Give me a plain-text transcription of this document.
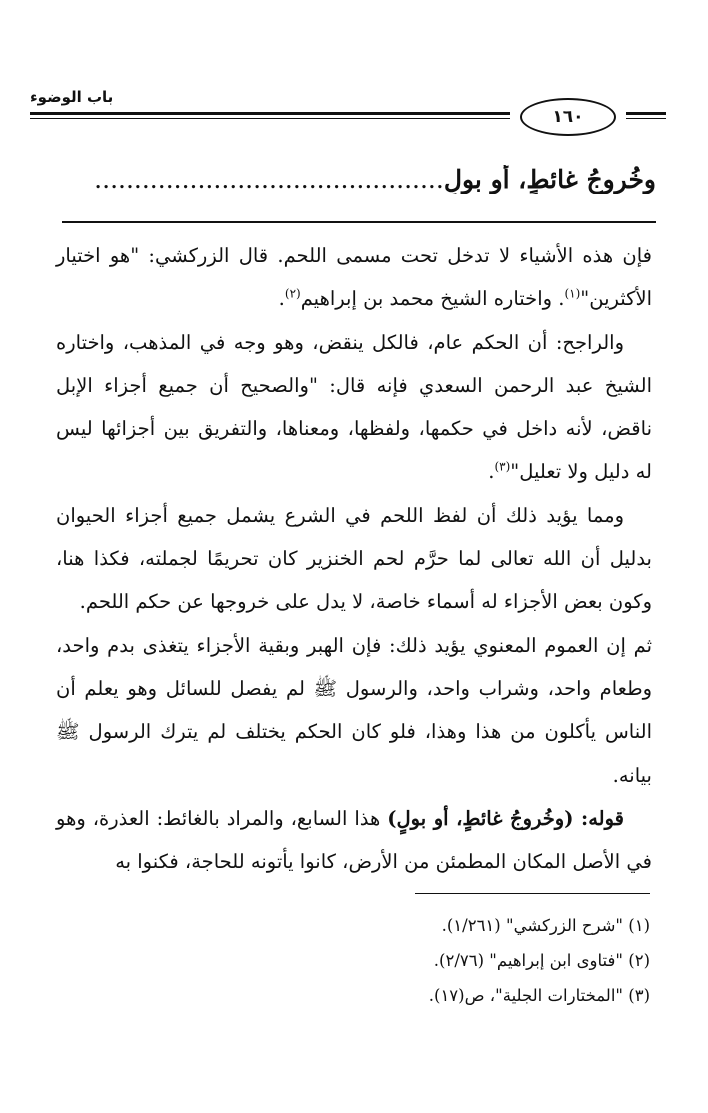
باب الوضوء
١٦٠
وخُروجُ غائطٍ، أو بولٍ............................................

فإن هذه الأشياء لا تدخل تحت مسمى اللحم. قال الزركشي: "هو اختيار الأكثرين"$^{(١)}$. واختاره الشيخ محمد بن إبراهيم$^{(٢)}$.

والراجح: أن الحكم عام، فالكل ينقض، وهو وجه في المذهب، واختاره الشيخ عبد الرحمن السعدي فإنه قال: "والصحيح أن جميع أجزاء الإبل ناقض، لأنه داخل في حكمها، ولفظها، ومعناها، والتفريق بين أجزائها ليس له دليل ولا تعليل"$^{(٣)}$.

ومما يؤيد ذلك أن لفظ اللحم في الشرع يشمل جميع أجزاء الحيوان بدليل أن الله تعالى لما حرَّم لحم الخنزير كان تحريمًا لجملته، فكذا هنا، وكون بعض الأجزاء له أسماء خاصة، لا يدل على خروجها عن حكم اللحم.

ثم إن العموم المعنوي يؤيد ذلك: فإن الهبر وبقية الأجزاء يتغذى بدم واحد، وطعام واحد، وشراب واحد، والرسول ﷺ لم يفصل للسائل وهو يعلم أن الناس يأكلون من هذا وهذا، فلو كان الحكم يختلف لم يترك الرسول ﷺ بيانه.

قوله: (وخُروجُ غائطٍ، أو بولٍ) هذا السابع، والمراد بالغائط: العذرة، وهو في الأصل المكان المطمئن من الأرض، كانوا يأتونه للحاجة، فكنوا به

(١) "شرح الزركشي" (١/٢٦١).
(٢) "فتاوى ابن إبراهيم" (٢/٧٦).
(٣) "المختارات الجلية"، ص(١٧).
